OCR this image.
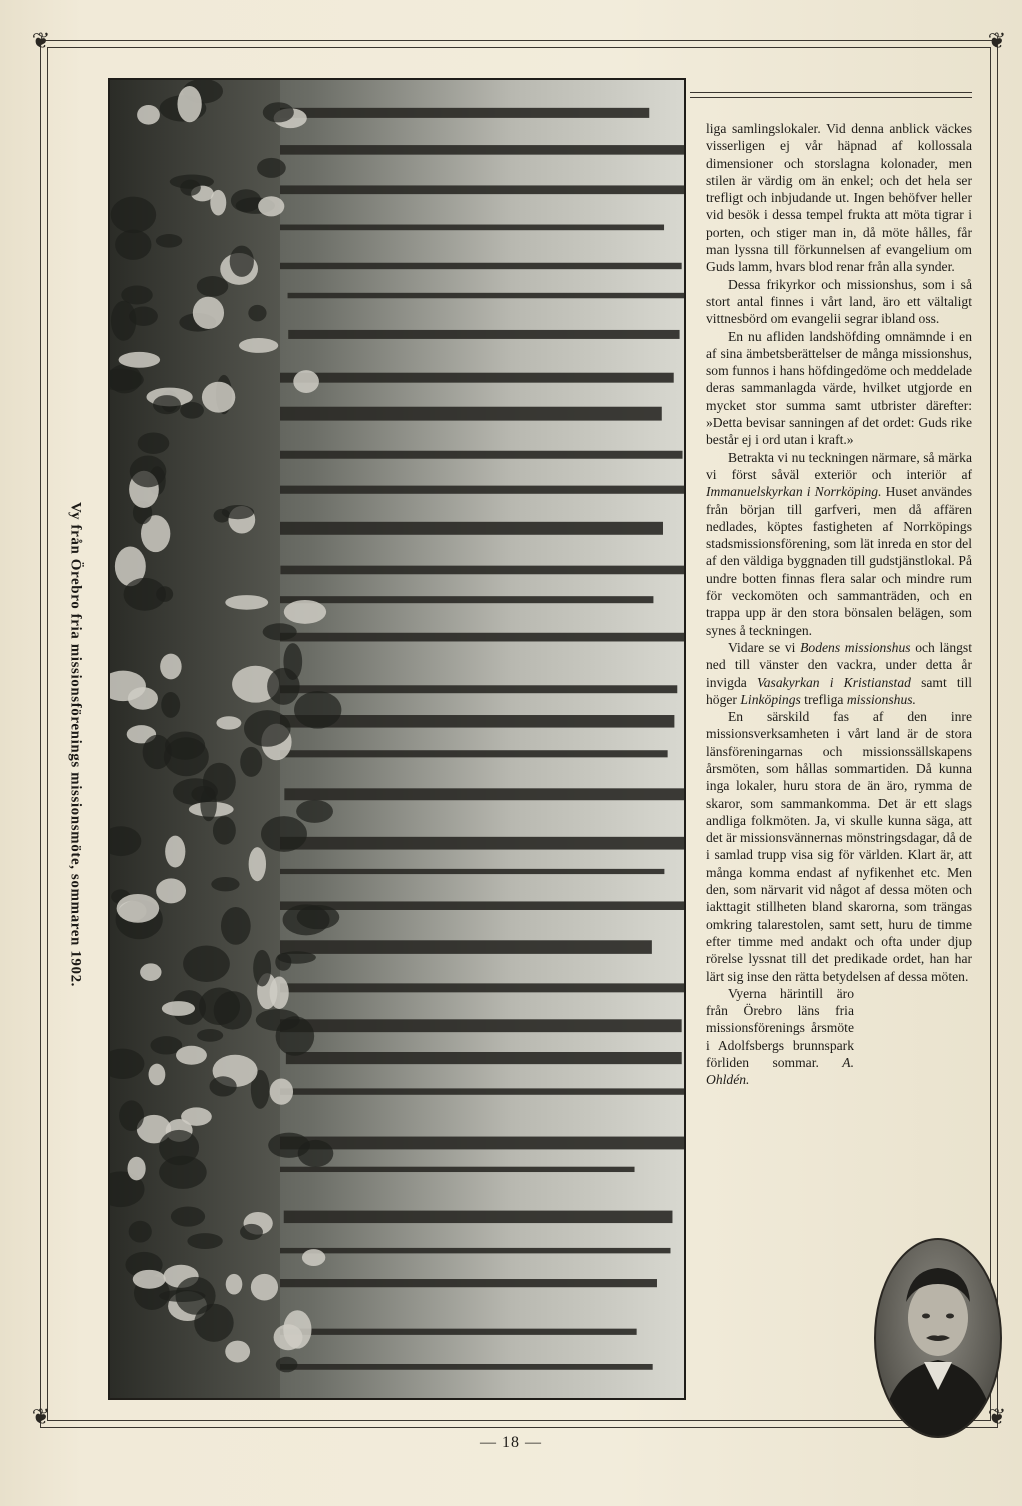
❦	❦
❦	❦
Vy från Örebro fria missionsförenings missionsmöte, sommaren 1902.

liga samlingslokaler. Vid denna anblick väckes visserligen ej vår häpnad af kollossala dimensioner och storslagna kolonader, men stilen är värdig om än enkel; och det hela ser trefligt och inbjudande ut. Ingen behöfver heller vid besök i dessa tempel frukta att möta tigrar i porten, och stiger man in, då möte hålles, får man lyssna till förkunnelsen af evangelium om Guds lamm, hvars blod renar från alla synder.

Dessa frikyrkor och missionshus, som i så stort antal finnes i vårt land, äro ett vältaligt vittnesbörd om evangelii segrar ibland oss.

En nu afliden landshöfding omnämnde i en af sina ämbetsberättelser de många missionshus, som funnos i hans höfdingedöme och meddelade deras sammanlagda värde, hvilket utgjorde en mycket stor summa samt utbrister därefter: »Detta bevisar sanningen af det ordet: Guds rike består ej i ord utan i kraft.»

Betrakta vi nu teckningen närmare, så märka vi först såväl exteriör och interiör af Immanuelskyrkan i Norrköping. Huset användes från början till garfveri, men då affären nedlades, köptes fastigheten af Norrköpings stadsmissionsförening, som lät inreda en stor del af den väldiga byggnaden till gudstjänstlokal. På undre botten finnas flera salar och mindre rum för veckomöten och sammanträden, och en trappa upp är den stora bönsalen belägen, som synes å teckningen.

Vidare se vi Bodens missionshus och längst ned till vänster den vackra, under detta år invigda Vasakyrkan i Kristianstad samt till höger Linköpings trefliga missionshus.

En särskild fas af den inre missionsverksamheten i vårt land är de stora länsföreningarnas och missionssällskapens årsmöten, som hållas sommartiden. Då kunna inga lokaler, huru stora de än äro, rymma de skaror, som sammankomma. Det är ett slags andliga folkmöten. Ja, vi skulle kunna säga, att det är missionsvännernas mönstringsdagar, då de i samlad trupp visa sig för världen. Klart är, att många komma endast af nyfikenhet etc. Men den, som närvarit vid något af dessa möten och iakttagit stillheten bland skarorna, som trängas omkring talarestolen, samt sett, huru de timme efter timme med andakt och ofta under djup rörelse lyssnat till det predikade ordet, han har lärt sig inse den rätta betydelsen af dessa möten.

Vyerna härintill äro från Örebro läns fria missionsförenings årsmöte i Adolfsbergs brunnspark förliden sommar. A. Ohldén.

— 18 —
